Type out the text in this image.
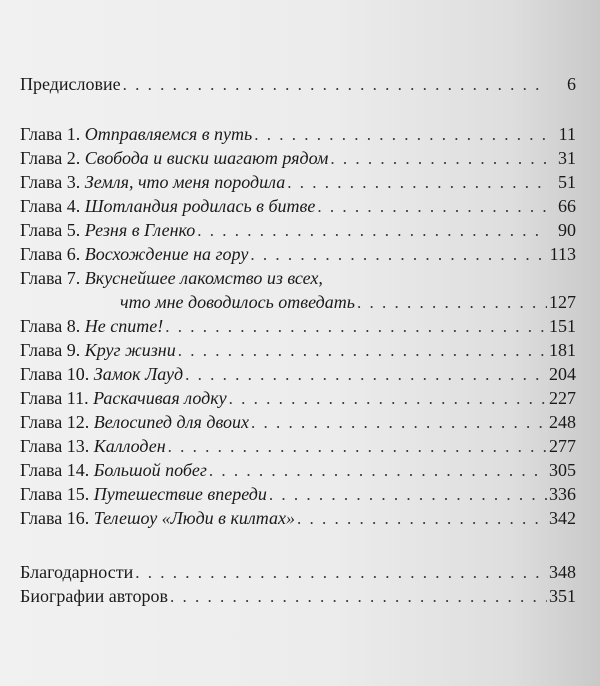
Предисловие . . .	6
Глава 1. Отправляемся в путь . . .	11
Глава 2. Свобода и виски шагают рядом . . .	31
Глава 3. Земля, что меня породила . . .	51
Глава 4. Шотландия родилась в битве . . .	66
Глава 5. Резня в Гленко . . .	90
Глава 6. Восхождение на гору . . .	113
Глава 7. Вкуснейшее лакомство из всех,
что мне доводилось отведать . . .	127
Глава 8. Не спите! . . .	151
Глава 9. Круг жизни . . .	181
Глава 10. Замок Лауд . . .	204
Глава 11. Раскачивая лодку . . .	227
Глава 12. Велосипед для двоих . . .	248
Глава 13. Каллоден . . .	277
Глава 14. Большой побег . . .	305
Глава 15. Путешествие впереди . . .	336
Глава 16. Телешоу «Люди в килтах» . . .	342
Благодарности . . .	348
Биографии авторов . . .	351
